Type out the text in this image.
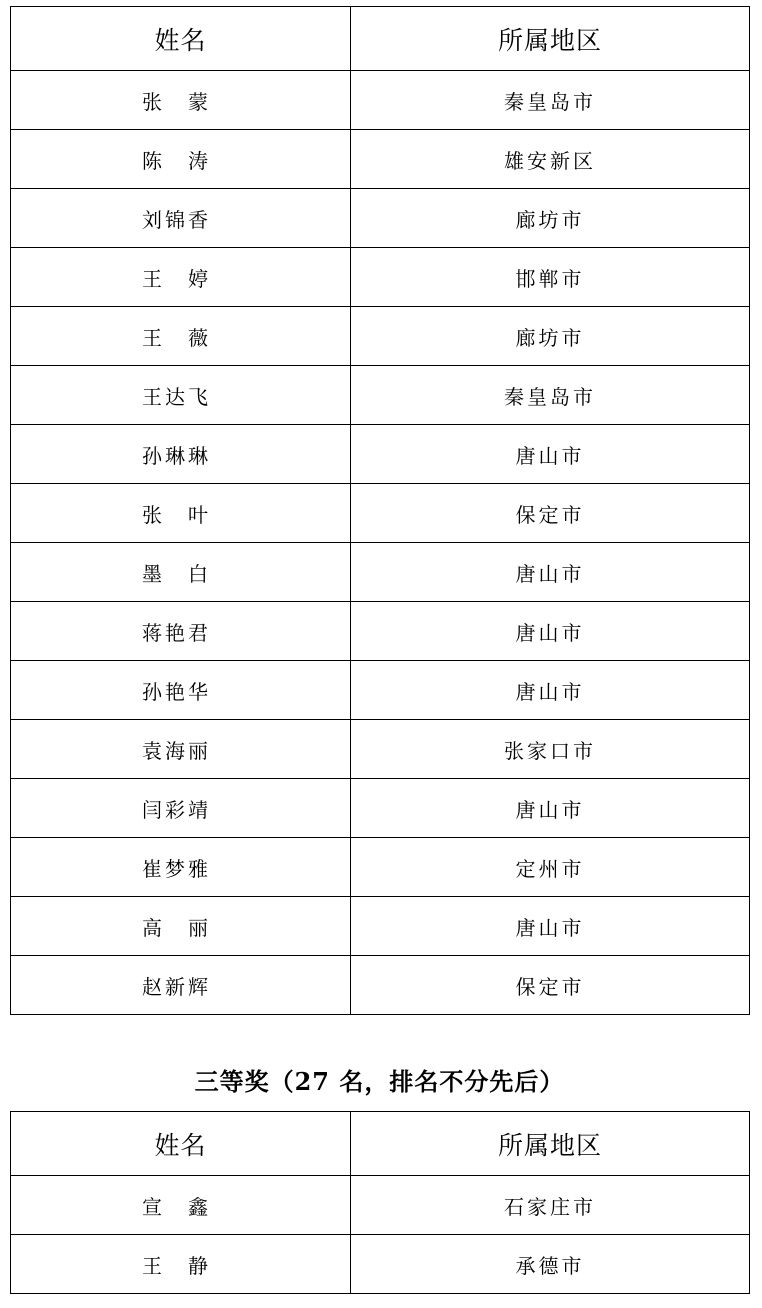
姓名	所属地区
张　蒙	秦皇岛市
陈　涛	雄安新区
刘锦香	廊坊市
王　婷	邯郸市
王　薇	廊坊市
王达飞	秦皇岛市
孙琳琳	唐山市
张　叶	保定市
墨　白	唐山市
蒋艳君	唐山市
孙艳华	唐山市
袁海丽	张家口市
闫彩靖	唐山市
崔梦雅	定州市
高　丽	唐山市
赵新辉	保定市
三等奖（27 名，排名不分先后）
姓名	所属地区
宣　鑫	石家庄市
王　静	承德市
